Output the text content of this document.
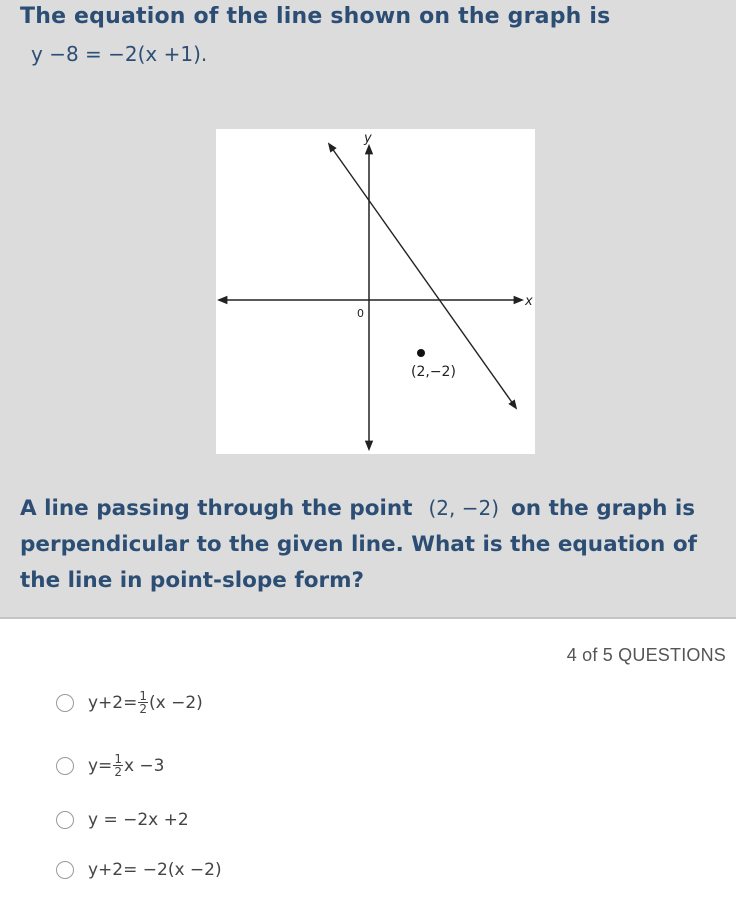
The equation of the line shown on the graph is
y −8 = −2(x +1).
x
y
0
(2,−2)
A line passing through the point (2, −2) on the graph is perpendicular to the given line. What is the equation of the line in point-slope form?
4 of 5 QUESTIONS
$y+2= \frac{1}{2} (x -2)$
$y= \frac{1}{2}$ x −3
y = −2x +2
y+2= −2(x −2)
